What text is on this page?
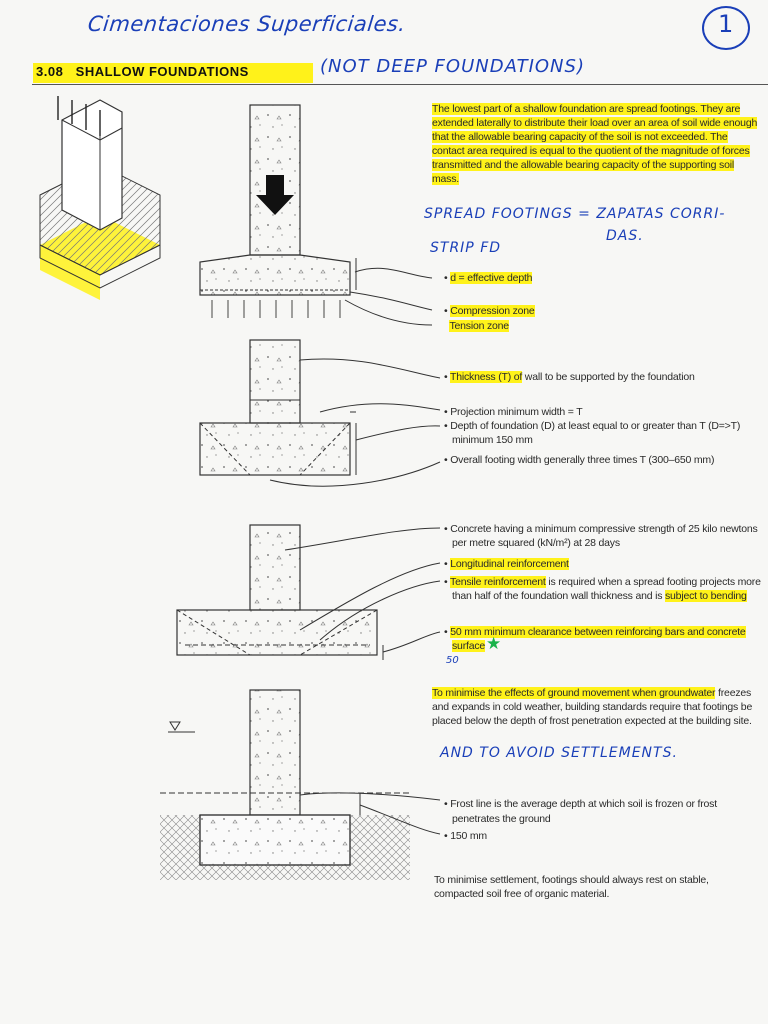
Cimentaciones Superficiales.	1
3.08 SHALLOW FOUNDATIONS	(NOT DEEP FOUNDATIONS)
The lowest part of a shallow foundation are spread footings. They are extended laterally to distribute their load over an area of soil wide enough that the allowable bearing capacity of the soil is not exceeded. The contact area required is equal to the quotient of the magnitude of forces transmitted and the allowable bearing capacity of the supporting soil mass.
SPREAD FOOTINGS = ZAPATAS CORRI-
DAS.
STRIP FD
• d = effective depth
• Compression zone
Tension zone
• Thickness (T) of wall to be supported by the foundation
• Projection minimum width = T
• Depth of foundation (D) at least equal to or greater than T (D=>T)
minimum 150 mm
• Overall footing width generally three times T (300–650 mm)
• Concrete having a minimum compressive strength of 25 kilo newtons
per metre squared (kN/m²) at 28 days
• Longitudinal reinforcement
• Tensile reinforcement is required when a spread footing projects more
than half of the foundation wall thickness and is subject to bending
• 50 mm minimum clearance between reinforcing bars and concrete
surface ★
50
To minimise the effects of ground movement when groundwater freezes and expands in cold weather, building standards require that footings be placed below the depth of frost penetration expected at the building site.
AND TO AVOID SETTLEMENTS.
• Frost line is the average depth at which soil is frozen or frost
penetrates the ground
• 150 mm
To minimise settlement, footings should always rest on stable,
compacted soil free of organic material.
